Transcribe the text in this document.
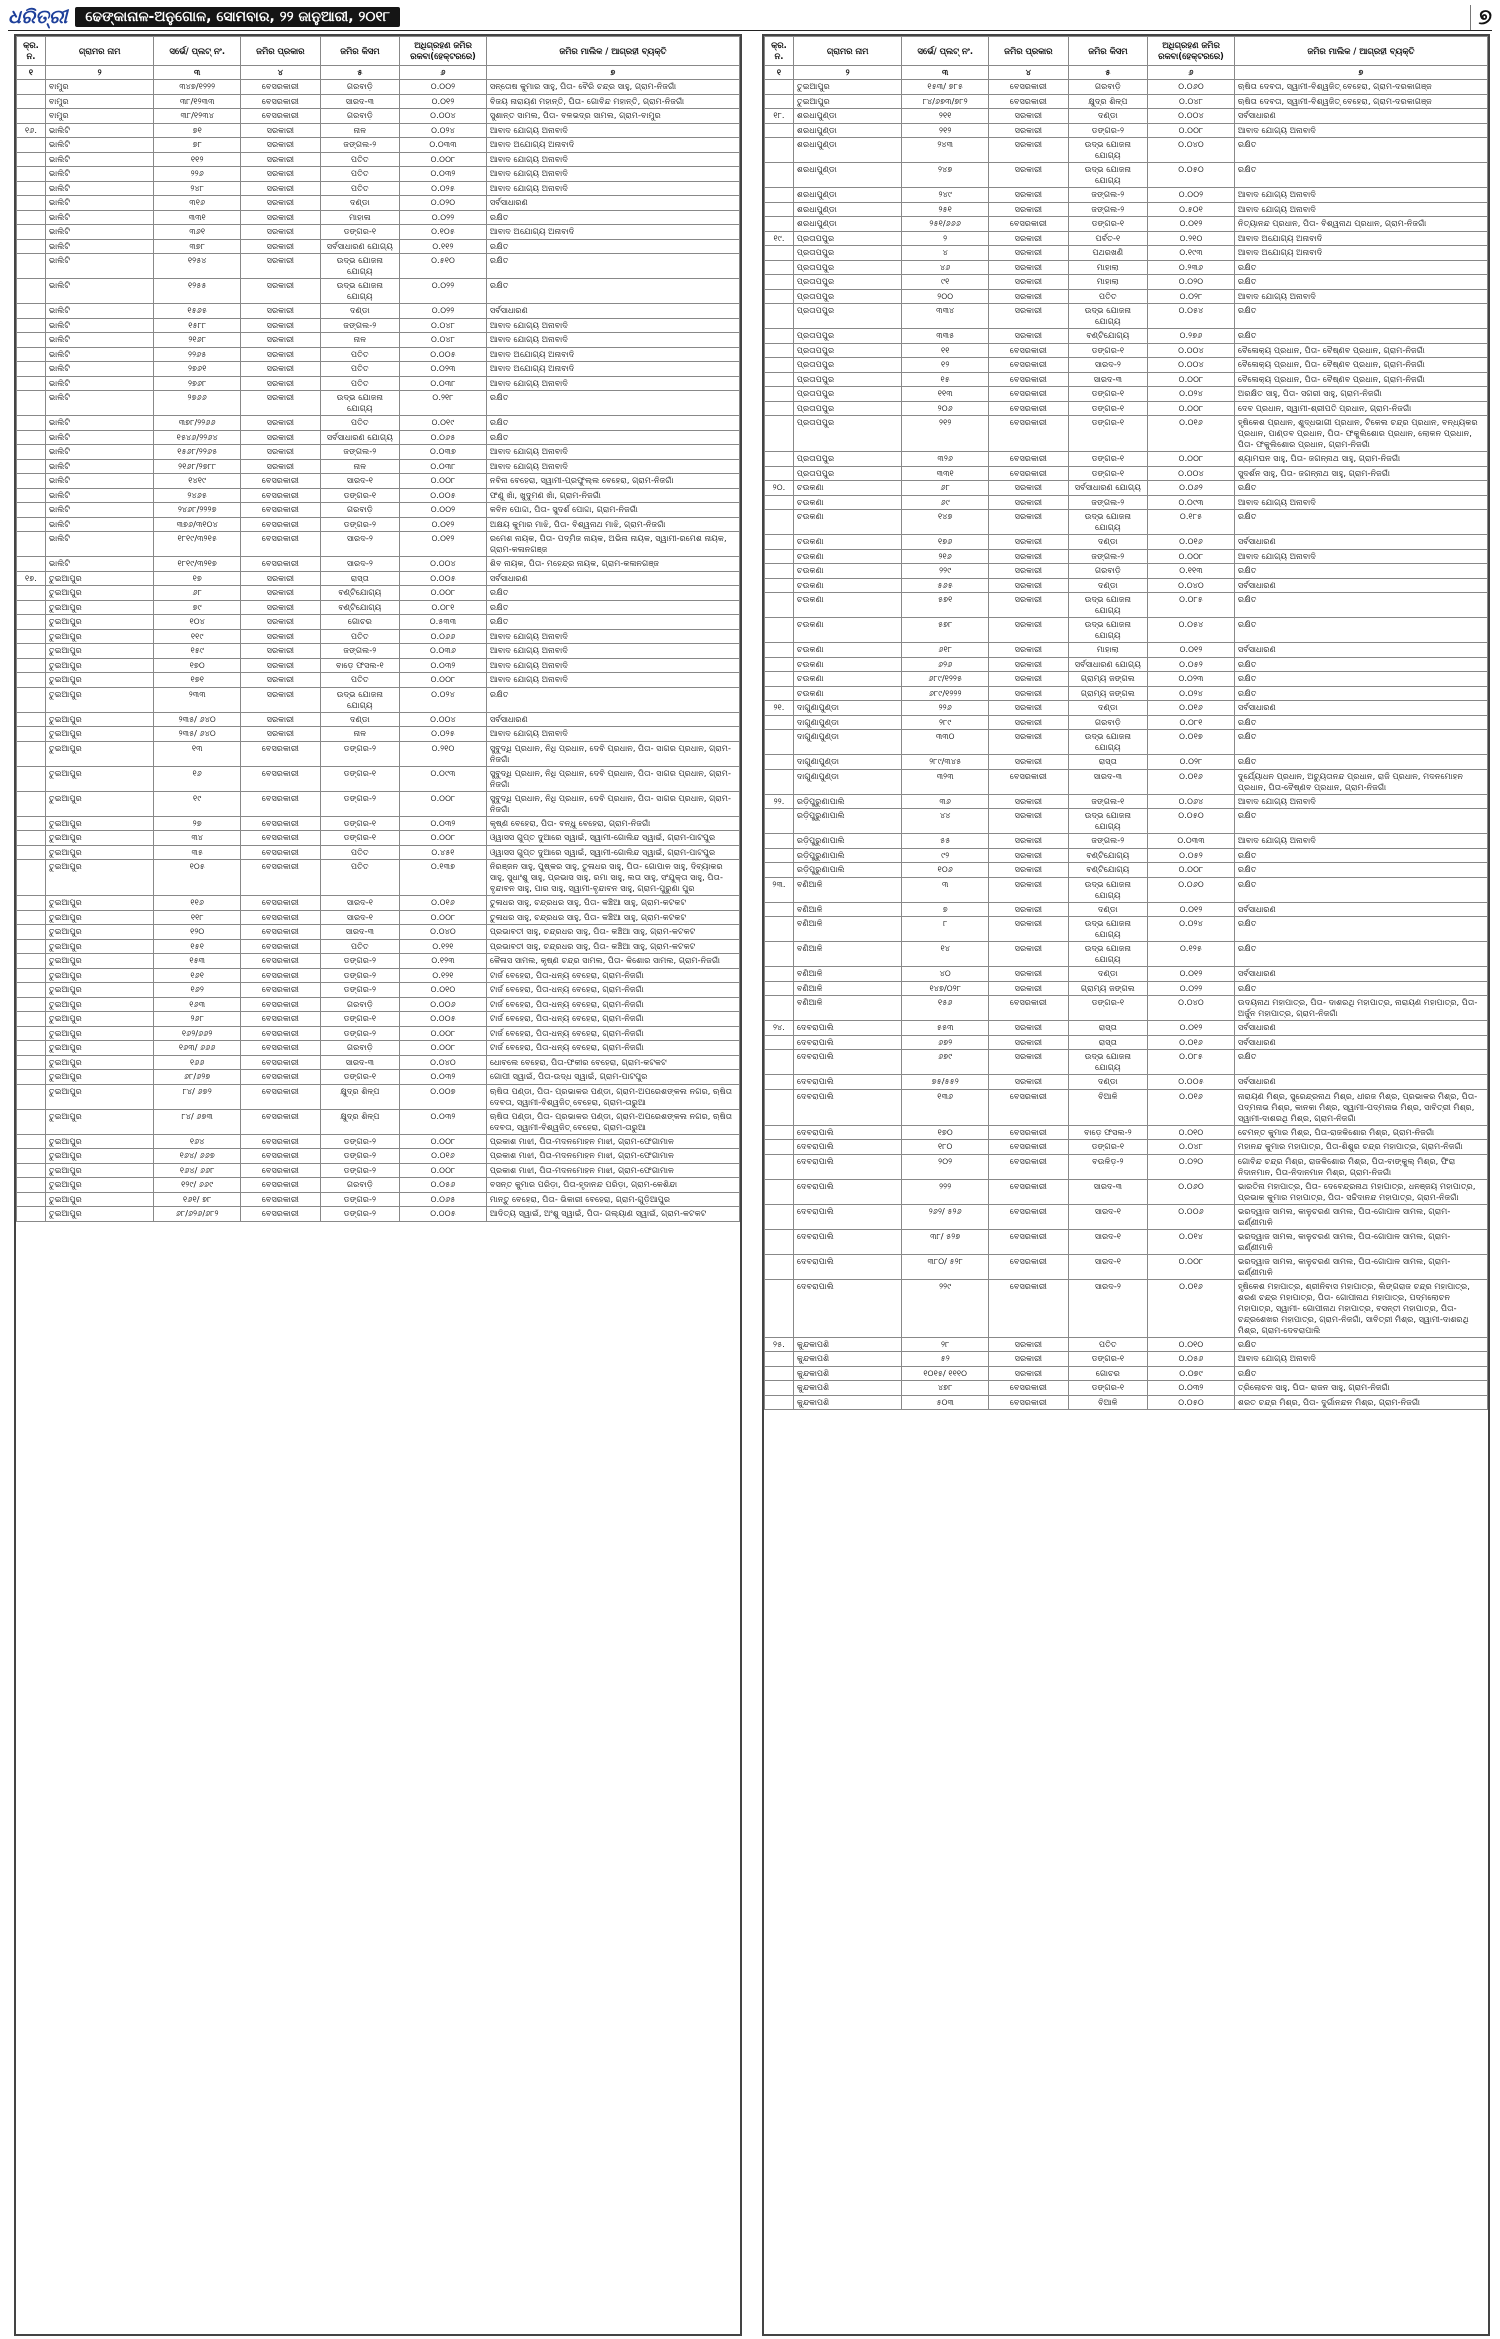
ଧରିତ୍ରୀ	ଢେଙ୍କାନାଳ-ଅନୁଗୋଳ, ସୋମବାର, ୨୨ ଜାନୁଆରୀ, ୨୦୧୮	୭
କ୍ର. ନ.	ଗ୍ରାମର ନାମ	ସର୍ଭେ/ ପ୍ଲଟ୍ ନଂ.	ଜମିର ପ୍ରକାର	ଜମିର କିସମ	ଅଧିଗ୍ରହଣ ଜମିର ରକବା(ହେକ୍ଟରରେ)	ଜମିର ମାଲିକ / ଆଗ୍ରହୀ ବ୍ୟକ୍ତି
୧	୨	୩	୪	୫	୬	୭
	ବାମୁର	୩୪୭/୧୨୨୨	ବେସରକାରୀ	ଗରବାଡ଼ି	୦.୦୦୨	ସନ୍ତୋଷ କୁମାର ସାହୁ, ପିତା- ବୈରି ଚନ୍ଦ୍ର ସାହୁ, ଗ୍ରାମ-ନିଜଗାଁ
	ବାମୁର	୩୮/୧୨୩୩	ବେସରକାରୀ	ସାରଦ-୩	୦.୦୧୨	ବିଜୟ ନାରାୟଣ ମହାନ୍ତି, ପିତା- ଗୋବିନ୍ଦ ମହାନ୍ତି, ଗ୍ରାମ-ନିଜଗାଁ
	ବାମୁର	୩୮/୧୨୩୪	ବେସରକାରୀ	ଗରବାଡ଼ି	୦.୦୦୪	ସୁଶାନ୍ତ ସାମଲ, ପିତା- ବଳଭଦ୍ର ସାମଲ, ଗ୍ରାମ-ବାମୁର
୧୬.	ଭାଲିଟି	୭୧	ସରକାରୀ	ନାଳ	୦.୦୨୪	ଆବାଦ ଯୋଗ୍ୟ ଅନାବାଦି
	ଭାଲିଟି	୭୮	ସରକାରୀ	ଜଙ୍ଗଲ-୨	୦.୦୩୩	ଆବାଦ ଅଯୋଗ୍ୟ ଅନାବାଦି
	ଭାଲିଟି	୧୧୨	ସରକାରୀ	ପତିତ	୦.୦୦୮	ଆବାଦ ଯୋଗ୍ୟ ଅନାବାଦି
	ଭାଲିଟି	୨୨୬	ସରକାରୀ	ପତିତ	୦.୦୩୨	ଆବାଦ ଯୋଗ୍ୟ ଅନାବାଦି
	ଭାଲିଟି	୨୪୮	ସରକାରୀ	ପତିତ	୦.୦୨୫	ଆବାଦ ଯୋଗ୍ୟ ଅନାବାଦି
	ଭାଲିଟି	୩୧୬	ସରକାରୀ	ଦଣ୍ଡା	୦.୦୨୦	ସର୍ବସାଧାରଣ
	ଭାଲିଟି	୩୩୧	ସରକାରୀ	ମାହାଳା	୦.୦୨୨	ରକ୍ଷିତ
	ଭାଲିଟି	୩୬୧	ସରକାରୀ	ଡଙ୍ଗର-୧	୦.୧୦୫	ଆବାଦ ଅଯୋଗ୍ୟ ଅନାବାଦି
	ଭାଲିଟି	୩୭୮	ସରକାରୀ	ସର୍ବସାଧାରଣ ଯୋଗ୍ୟ	୦.୧୧୨	ରକ୍ଷିତ
	ଭାଲିଟି	୧୨୫୪	ସରକାରୀ	ଉଦ୍ଭ ଯୋଜନା ଯୋଗ୍ୟ	୦.୫୧୦	ରକ୍ଷିତ
	ଭାଲିଟି	୧୨୫୫	ସରକାରୀ	ଉଦ୍ଭ ଯୋଜନା ଯୋଗ୍ୟ	୦.୦୨୨	ରକ୍ଷିତ
	ଭାଲିଟି	୧୫୬୫	ସରକାରୀ	ଦଣ୍ଡା	୦.୦୨୨	ସର୍ବସାଧାରଣ
	ଭାଲିଟି	୧୫୮୮	ସରକାରୀ	ଜଙ୍ଗଲ-୨	୦.୦୪୮	ଆବାଦ ଯୋଗ୍ୟ ଅନାବାଦି
	ଭାଲିଟି	୨୧୬୮	ସରକାରୀ	ନାଳ	୦.୦୪୮	ଆବାଦ ଯୋଗ୍ୟ ଅନାବାଦି
	ଭାଲିଟି	୨୨୬୫	ସରକାରୀ	ପତିତ	୦.୦୦୫	ଆବାଦ ଅଯୋଗ୍ୟ ଅନାବାଦି
	ଭାଲିଟି	୨୭୬୧	ସରକାରୀ	ପତିତ	୦.୦୨୩	ଆବାଦ ଅଯୋଗ୍ୟ ଅନାବାଦି
	ଭାଲିଟି	୨୭୬୮	ସରକାରୀ	ପତିତ	୦.୦୩୮	ଆବାଦ ଯୋଗ୍ୟ ଅନାବାଦି
	ଭାଲିଟି	୨୭୬୬	ସରକାରୀ	ଉଦ୍ଭ ଯୋଜନା ଯୋଗ୍ୟ	୦.୨୧୮	ରକ୍ଷିତ
	ଭାଲିଟି	୩୭୮/୨୨୬୬	ସରକାରୀ	ପତିତ	୦.୦୧୯	ରକ୍ଷିତ
	ଭାଲିଟି	୧୫୪୬/୨୨୬୪	ସରକାରୀ	ସର୍ବସାଧାରଣ ଯୋଗ୍ୟ	୦.୦୬୫	ରକ୍ଷିତ
	ଭାଲିଟି	୧୫୬୮/୨୨୬୫	ସରକାରୀ	ଜଙ୍ଗଲ-୨	୦.୦୩୭	ଆବାଦ ଯୋଗ୍ୟ ଅନାବାଦି
	ଭାଲିଟି	୨୧୬୮/୨୭୮୮	ସରକାରୀ	ନାଳ	୦.୦୩୮	ଆବାଦ ଯୋଗ୍ୟ ଅନାବାଦି
	ଭାଲିଟି	୧୪୧୯	ବେସରକାରୀ	ସାରଦ-୧	୦.୦୦୮	ନବିନା ବେହେରା, ସ୍ୱାମୀ-ପ୍ରଫୁଲ୍ଲ ବେହେରା, ଗ୍ରାମ-ନିଜଗାଁ
	ଭାଲିଟି	୨୪୬୫	ବେସରକାରୀ	ଡଙ୍ଗର-୧	୦.୦୦୫	ଫଣୁ ଖାଁ, ଖୁଦୁମଣ ଖାଁ, ଗ୍ରାମ-ନିଜଗାଁ
	ଭାଲିଟି	୨୪୬୮/୨୨୨୭	ବେସରକାରୀ	ଗରବାଡ଼ି	୦.୦୦୨	କବିନ ପୋଦ୍ଦା, ପିତା- ସୁଦର୍ଶ ପୋଦ୍ଦା, ଗ୍ରାମ-ନିଜଗାଁ
	ଭାଲିଟି	୩୭୬/୩୧୦୪	ବେସରକାରୀ	ଡଙ୍ଗର-୨	୦.୦୧୨	ଅକ୍ଷୟ କୁମାର ମାଝି, ପିତା- ବିଶ୍ୱନାଥ ମାଝି, ଗ୍ରାମ-ନିଜଗାଁ
	ଭାଲିଟି	୧୮୧୯/୩୨୧୫	ବେସରକାରୀ	ସାରଦ-୨	୦.୦୧୨	ରମେଶ ନାୟକ, ପିତା- ପଦ୍ମିଜ ନାୟକ, ଅଭିନା ନାୟକ, ସ୍ୱାମୀ-ରମେଶ ନାୟକ, ଗ୍ରାମ-କଳାନଗଞ୍ଜ
	ଭାଲିଟି	୧୮୧୯/୩୨୧୭	ବେସରକାରୀ	ସାରଦ-୨	୦.୦୦୪	ଶିବ ନାୟକ, ପିତା- ମହେନ୍ଦ୍ର ନାୟକ, ଗ୍ରାମ-କଳାନଗଞ୍ଜ
୧୭.	ତୁଇଆପୁର	୧୭	ସରକାରୀ	ରାସ୍ତା	୦.୦୦୫	ସର୍ବସାଧାରଣ
	ତୁଇଆପୁର	୬୮	ସରକାରୀ	ବଣ୍ଟିଯୋଗ୍ୟ	୦.୦୦୮	ରକ୍ଷିତ
	ତୁଇଆପୁର	୭୯	ସରକାରୀ	ବଣ୍ଟିଯୋଗ୍ୟ	୦.୦୮୧	ରକ୍ଷିତ
	ତୁଇଆପୁର	୧୦୪	ସରକାରୀ	ଗୋଚର	୦.୫୩୩	ରକ୍ଷିତ
	ତୁଇଆପୁର	୧୧୯	ସରକାରୀ	ପତିତ	୦.୦୬୬	ଆବାଦ ଯୋଗ୍ୟ ଅନାବାଦି
	ତୁଇଆପୁର	୧୫୯	ସରକାରୀ	ଜଙ୍ଗଲ-୨	୦.୦୩୬	ଆବାଦ ଯୋଗ୍ୟ ଅନାବାଦି
	ତୁଇଆପୁର	୧୭୦	ସରକାରୀ	ବାଡ଼େ ଫସଲ-୧	୦.୦୩୨	ଆବାଦ ଯୋଗ୍ୟ ଅନାବାଦି
	ତୁଇଆପୁର	୧୭୧	ସରକାରୀ	ପତିତ	୦.୦୦୮	ଆବାଦ ଯୋଗ୍ୟ ଅନାବାଦି
	ତୁଇଆପୁର	୨୩୩	ସରକାରୀ	ଉଦ୍ଭ ଯୋଜନା ଯୋଗ୍ୟ	୦.୦୨୪	ରକ୍ଷିତ
	ତୁଇଆପୁର	୨୩୫/ ୬୪୦	ସରକାରୀ	ଦଣ୍ଡା	୦.୦୦୪	ସର୍ବସାଧାରଣ
	ତୁଇଆପୁର	୨୩୫/ ୬୪୦	ସରକାରୀ	ନାଳ	୦.୦୨୫	ଆବାଦ ଯୋଗ୍ୟ ଅନାବାଦି
	ତୁଇଆପୁର	୧୩	ବେସରକାରୀ	ଡଙ୍ଗର-୨	୦.୨୧୦	ସୁବୁଦ୍ଧି ପ୍ରଧାନ, ନିଧି ପ୍ରଧାନ, ଦେବି ପ୍ରଧାନ, ପିତା- ସାଗର ପ୍ରଧାନ, ଗ୍ରାମ-ନିଜଗାଁ
	ତୁଇଆପୁର	୧୬	ବେସରକାରୀ	ଡଙ୍ଗର-୧	୦.୦୯୩	ସୁବୁଦ୍ଧି ପ୍ରଧାନ, ନିଧି ପ୍ରଧାନ, ଦେବି ପ୍ରଧାନ, ପିତା- ସାଗର ପ୍ରଧାନ, ଗ୍ରାମ-ନିଜଗାଁ
	ତୁଇଆପୁର	୧୯	ବେସରକାରୀ	ଡଙ୍ଗର-୨	୦.୦୦୮	ସୁବୁଦ୍ଧି ପ୍ରଧାନ, ନିଧି ପ୍ରଧାନ, ଦେବି ପ୍ରଧାନ, ପିତା- ସାଗର ପ୍ରଧାନ, ଗ୍ରାମ-ନିଜଗାଁ
	ତୁଇଆପୁର	୨୭	ବେସରକାରୀ	ଡଙ୍ଗର-୧	୦.୦୩୨	କୃଷ୍ଣ ବେହେରା, ପିତା- ବନ୍ଧୁ ବେହେରା, ଗ୍ରାମ-ନିଜଗାଁ
	ତୁଇଆପୁର	୩୪	ବେସରକାରୀ	ଡଙ୍ଗର-୧	୦.୦୦୮	ଓ୍ୱାସସ ଗୁପ୍ତ ଦୁଆରେ ସ୍ୱାଇଁ, ସ୍ୱାମୀ-ଗୋଲିନ୍ଦ ସ୍ୱାଇଁ, ଗ୍ରାମ-ପାଟପୁର
	ତୁଇଆପୁର	୩୫	ବେସରକାରୀ	ପତିତ	୦.୪୫୧	ଓ୍ୱାସସ ଗୁପ୍ତ ଦୁଆରେ ସ୍ୱାଇଁ, ସ୍ୱାମୀ-ଗୋଲିନ୍ଦ ସ୍ୱାଇଁ, ଗ୍ରାମ-ପାଟପୁର
	ତୁଇଆପୁର	୧୦୫	ବେସରକାରୀ	ପତିତ	୦.୧୩୭	ନିରଞ୍ଜନ ସାହୁ, ପୁଷ୍କର ସାହୁ, ତୁଳାଧର ସାହୁ, ପିତା- ଗୋପାଳ ସାହୁ, ଦିବ୍ୟାକର ସାହୁ, ସୁଧାଂଶୁ ସାହୁ, ପ୍ରଭାସ ସାହୁ, ରମା ସାହୁ, ଲତା ସାହୁ, ସଂଯୁକ୍ତା ସାହୁ, ପିତା- ବୃନ୍ଦାବନ ସାହୁ, ପାର ସାହୁ, ସ୍ୱାମୀ-ବୃନ୍ଦାବନ ସାହୁ, ଗ୍ରାମ-ପୁରୁଣା ପୁର
	ତୁଇଆପୁର	୧୧୬	ବେସରକାରୀ	ସାରଦ-୧	୦.୦୧୬	ତୁଳାଧର ସାହୁ, ଚନ୍ଦ୍ରଧର ସାହୁ, ପିତା- କଞ୍ଚିଆ ସାହୁ, ଗ୍ରାମ-କଟକଟ
	ତୁଇଆପୁର	୧୧୮	ବେସରକାରୀ	ସାରଦ-୧	୦.୦୦୮	ତୁଳାଧର ସାହୁ, ଚନ୍ଦ୍ରଧର ସାହୁ, ପିତା- କଞ୍ଚିଆ ସାହୁ, ଗ୍ରାମ-କଟକଟ
	ତୁଇଆପୁର	୧୨୦	ବେସରକାରୀ	ସାରଦ-୩	୦.୦୪୦	ପ୍ରଭାବତୀ ସାହୁ, ଚନ୍ଦ୍ରଧର ସାହୁ, ପିତା- କଞ୍ଚିଆ ସାହୁ, ଗ୍ରାମ-କଟକଟ
	ତୁଇଆପୁର	୧୫୧	ବେସରକାରୀ	ପତିତ	୦.୧୨୧	ପ୍ରଭାବତୀ ସାହୁ, ଚନ୍ଦ୍ରଧର ସାହୁ, ପିତା- କଞ୍ଚିଆ ସାହୁ, ଗ୍ରାମ-କଟକଟ
	ତୁଇଆପୁର	୧୫୩	ବେସରକାରୀ	ଡଙ୍ଗର-୨	୦.୧୨୩	କୈଳାସ ସାମଲ, କୃଷ୍ଣ ଚନ୍ଦ୍ର ସାମଲ, ପିତା- କିଶୋର ସାମଲ, ଗ୍ରାମ-ନିଜଗାଁ
	ତୁଇଆପୁର	୧୬୧	ବେସରକାରୀ	ଡଙ୍ଗର-୨	୦.୧୨୧	ଟାର୍ଜ ବେହେରା, ପିତା-ଧନ୍ୟ ବେହେରା, ଗ୍ରାମ-ନିଜଗାଁ
	ତୁଇଆପୁର	୧୬୨	ବେସରକାରୀ	ଡଙ୍ଗର-୨	୦.୦୧୦	ଟାର୍ଜ ବେହେରା, ପିତା-ଧନ୍ୟ ବେହେରା, ଗ୍ରାମ-ନିଜଗାଁ
	ତୁଇଆପୁର	୧୬୩	ବେସରକାରୀ	ଗରବାଡ଼ି	୦.୦୦୬	ଟାର୍ଜ ବେହେରା, ପିତା-ଧନ୍ୟ ବେହେରା, ଗ୍ରାମ-ନିଜଗାଁ
	ତୁଇଆପୁର	୨୬୮	ବେସରକାରୀ	ଡଙ୍ଗର-୧	୦.୦୦୫	ଟାର୍ଜ ବେହେରା, ପିତା-ଧନ୍ୟ ବେହେରା, ଗ୍ରାମ-ନିଜଗାଁ
	ତୁଇଆପୁର	୧୬୨/୬୬୨	ବେସରକାରୀ	ଡଙ୍ଗର-୨	୦.୦୦୮	ଟାର୍ଜ ବେହେରା, ପିତା-ଧନ୍ୟ ବେହେରା, ଗ୍ରାମ-ନିଜଗାଁ
	ତୁଇଆପୁର	୧୬୩/ ୬୬୬	ବେସରକାରୀ	ଗରବାଡ଼ି	୦.୦୦୮	ଟାର୍ଜ ବେହେରା, ପିତା-ଧନ୍ୟ ବେହେରା, ଗ୍ରାମ-ନିଜଗାଁ
	ତୁଇଆପୁର	୧୬୬	ବେସରକାରୀ	ସାରଦ-୩	୦.୦୪୦	ଧୋବଲେ ବେହେରା, ପିତା-ଫକୀର ବେହେରା, ଗ୍ରାମ-କଟକଟ
	ତୁଇଆପୁର	୬୮/୬୨୭	ବେସରକାରୀ	ଡଙ୍ଗର-୧	୦.୦୩୨	ଗୋପୀ ସ୍ୱାଇଁ, ପିତା-ଉଦ୍ଧ ସ୍ୱାଇଁ, ଗ୍ରାମ-ପାଟପୁର
	ତୁଇଆପୁର	୮୪/ ୬୭୨	ବେସରକାରୀ	କ୍ଷୁଦ୍ର ଶିଳ୍ପ	୦.୦୦୭	ଋଷିତା ପଣ୍ଡା, ପିତା- ପ୍ରଭାକର ପଣ୍ଡା, ଗ୍ରାମ-ଅପରେଶଙ୍କଲ ନଗର, ଋଷିତା ଦେବତା, ସ୍ୱାମୀ-ବିଶ୍ୱଜିତ୍ ବେହେରା, ଗ୍ରାମ-ତାରୁଆ
	ତୁଇଆପୁର	୮୪/ ୬୭୩	ବେସରକାରୀ	କ୍ଷୁଦ୍ର ଶିଳ୍ପ	୦.୦୩୨	ଋଷିତା ପଣ୍ଡା, ପିତା- ପ୍ରଭାକର ପଣ୍ଡା, ଗ୍ରାମ-ଅପରେଶଙ୍କଲ ନଗର, ଋଷିତା ଦେବତା, ସ୍ୱାମୀ-ବିଶ୍ୱଜିତ୍ ବେହେରା, ଗ୍ରାମ-ତାରୁଆ
	ତୁଇଆପୁର	୧୬୪	ବେସରକାରୀ	ଡଙ୍ଗର-୨	୦.୦୦୮	ପ୍ରକାଶ ମାଝୀ, ପିତା-ମଦନମୋହନ ମାଝୀ, ଗ୍ରାମ-ଫେଗାମାଳ
	ତୁଇଆପୁର	୧୬୪/ ୬୬୭	ବେସରକାରୀ	ଡଙ୍ଗର-୨	୦.୦୧୬	ପ୍ରକାଶ ମାଝୀ, ପିତା-ମଦନମୋହନ ମାଝୀ, ଗ୍ରାମ-ଫେଗାମାଳ
	ତୁଇଆପୁର	୧୬୪/ ୬୬୮	ବେସରକାରୀ	ଡଙ୍ଗର-୨	୦.୦୦୮	ପ୍ରକାଶ ମାଝୀ, ପିତା-ମଦନମୋହନ ମାଝୀ, ଗ୍ରାମ-ଫେଗାମାଳ
	ତୁଇଆପୁର	୧୨୯/ ୬୬୯	ବେସରକାରୀ	ଗରବାଡ଼ି	୦.୦୫୬	ବସନ୍ତ କୁମାର ପରିଡ଼ା, ପିତା-ହୃଦାନନ୍ଦ ପରିଡ଼ା, ଗ୍ରାମ-କେଶିନ୍ଦା
	ତୁଇଆପୁର	୧୬୧/ ୭୮	ବେସରକାରୀ	ଡଙ୍ଗର-୨	୦.୦୬୫	ମାନ୍ତୁ ବେହେରା, ପିତା- ଭିକାରୀ ବେହେରା, ଗ୍ରାମ-ଗୁଡ଼ିଆପୁର
	ତୁଇଆପୁର	୬୮/୬୨୬/୬୮୨	ବେସରକାରୀ	ଡଙ୍ଗର-୨	୦.୦୦୫	ଆଦିତ୍ୟ ସ୍ୱାଇଁ, ଅଂଶୁ ସ୍ୱାଇଁ, ପିତା- ଗଲ୍ୟାଣ ସ୍ୱାଇଁ, ଗ୍ରାମ-କଟକଟ
କ୍ର. ନ.	ଗ୍ରାମର ନାମ	ସର୍ଭେ/ ପ୍ଲଟ୍ ନଂ.	ଜମିର ପ୍ରକାର	ଜମିର କିସମ	ଅଧିଗ୍ରହଣ ଜମିର ରକବା(ହେକ୍ଟରରେ)	ଜମିର ମାଲିକ / ଆଗ୍ରହୀ ବ୍ୟକ୍ତି
୧	୨	୩	୪	୫	୬	୭
	ତୁଇଆପୁର	୧୫୩/ ୭୮୫	ବେସରକାରୀ	ଗରବାଡ଼ି	୦.୦୬୦	ଋଷିତା ଦେବତା, ସ୍ୱାମୀ-ବିଶ୍ୱଜିତ୍ ବେହେରା, ଗ୍ରାମ-ଦରକାଗଞ୍ଜ
	ତୁଇଆପୁର	୮୪/୬୭୩/୭୮୨	ବେସରକାରୀ	କ୍ଷୁଦ୍ର ଶିଳ୍ପ	୦.୦୪୮	ଋଷିତା ଦେବତା, ସ୍ୱାମୀ-ବିଶ୍ୱଜିତ୍ ବେହେରା, ଗ୍ରାମ-ଦରକାଗଞ୍ଜ
୧୮.	ଶରଧାପୁଣ୍ଡା	୨୧୧	ସରକାରୀ	ଦଣ୍ଡା	୦.୦୦୪	ସର୍ବସାଧାରଣ
	ଶରଧାପୁଣ୍ଡା	୨୧୨	ସରକାରୀ	ଡଙ୍ଗର-୨	୦.୦୦୮	ଆବାଦ ଯୋଗ୍ୟ ଅନାବାଦି
	ଶରଧାପୁଣ୍ଡା	୨୪୩	ସରକାରୀ	ଉଦ୍ଭ ଯୋଜନା ଯୋଗ୍ୟ	୦.୦୪୦	ରକ୍ଷିତ
	ଶରଧାପୁଣ୍ଡା	୨୪୭	ସରକାରୀ	ଉଦ୍ଭ ଯୋଜନା ଯୋଗ୍ୟ	୦.୦୫୦	ରକ୍ଷିତ
	ଶରଧାପୁଣ୍ଡା	୨୪୯	ସରକାରୀ	ଜଙ୍ଗଲ-୨	୦.୦୦୨	ଆବାଦ ଯୋଗ୍ୟ ଅନାବାଦି
	ଶରଧାପୁଣ୍ଡା	୨୫୧	ସରକାରୀ	ଜଙ୍ଗଲ-୨	୦.୫୦୧	ଆବାଦ ଯୋଗ୍ୟ ଅନାବାଦି
	ଶରଧାପୁଣ୍ଡା	୨୫୧/୬୬୬	ବେସରକାରୀ	ଡଙ୍ଗର-୧	୦.୦୧୨	ନିତ୍ୟାନନ୍ଦ ପ୍ରଧାନ, ପିତା- ବିଶ୍ୱନାଥ ପ୍ରଧାନ, ଗ୍ରାମ-ନିଜଗାଁ
୧୯.	ପ୍ରତାପପୁର	୨	ସରକାରୀ	ପର୍ବତ-୧	୦.୨୧୦	ଆବାଦ ଅଯୋଗ୍ୟ ଅନାବାଦି
	ପ୍ରତାପପୁର	୪	ସରକାରୀ	ପଥରଖଣି	୦.୧୯୩	ଆବାଦ ଅଯୋଗ୍ୟ ଅନାବାଦି
	ପ୍ରତାପପୁର	୪୬	ସରକାରୀ	ମାହାଲା	୦.୨୩୬	ରକ୍ଷିତ
	ପ୍ରତାପପୁର	୯୧	ସରକାରୀ	ମାହାଲା	୦.୦୨୦	ରକ୍ଷିତ
	ପ୍ରତାପପୁର	୨୦୦	ସରକାରୀ	ପତିତ	୦.୦୨୮	ଆବାଦ ଯୋଗ୍ୟ ଅନାବାଦି
	ପ୍ରତାପପୁର	୩୩୪	ସରକାରୀ	ଉଦ୍ଭ ଯୋଜନା ଯୋଗ୍ୟ	୦.୦୫୪	ରକ୍ଷିତ
	ପ୍ରତାପପୁର	୩୩୫	ସରକାରୀ	ବଣ୍ଟିଯୋଗ୍ୟ	୦.୨୭୬	ରକ୍ଷିତ
	ପ୍ରତାପପୁର	୧୧	ବେସରକାରୀ	ଡଙ୍ଗର-୧	୦.୦୦୪	ବୈଳୋକ୍ୟ ପ୍ରଧାନ, ପିତା- ବୈଷ୍ଣବ ପ୍ରଧାନ, ଗ୍ରାମ-ନିଜଗାଁ
	ପ୍ରତାପପୁର	୧୨	ବେସରକାରୀ	ସାରଦ-୨	୦.୦୦୪	ବୈଳୋକ୍ୟ ପ୍ରଧାନ, ପିତା- ବୈଷ୍ଣବ ପ୍ରଧାନ, ଗ୍ରାମ-ନିଜଗାଁ
	ପ୍ରତାପପୁର	୧୫	ବେସରକାରୀ	ସାରଦ-୩	୦.୦୦୮	ବୈଳୋକ୍ୟ ପ୍ରଧାନ, ପିତା- ବୈଷ୍ଣବ ପ୍ରଧାନ, ଗ୍ରାମ-ନିଜଗାଁ
	ପ୍ରତାପପୁର	୧୧୩	ବେସରକାରୀ	ଡଙ୍ଗର-୧	୦.୦୨୪	ଅରକ୍ଷିତ ସାହୁ, ପିତା- ସଗରୀ ସାହୁ, ଗ୍ରାମ-ନିଜଗାଁ
	ପ୍ରତାପପୁର	୨୦୬	ବେସରକାରୀ	ଡଙ୍ଗର-୧	୦.୦୦୮	ଦେବ ପ୍ରଧାନ, ସ୍ୱାମୀ-ଶ୍ରୀପତି ପ୍ରଧାନ, ଗ୍ରାମ-ନିଜଗାଁ
	ପ୍ରତାପପୁର	୨୧୨	ବେସରକାରୀ	ଡଙ୍ଗର-୧	୦.୦୧୬	ହୃଷିକେଶ ପ୍ରଧାନ, ଶୁଦ୍ଧଭାଗୀ ପ୍ରଧାନ, ଟିକେଲ ଚନ୍ଦ୍ର ପ୍ରଧାନ, ବନ୍ଧ୍ୟକର ପ୍ରଧାନ, ପାଣ୍ଡବ ପ୍ରଧାନ, ପିତା- ଫକୁଲିଶୋର ପ୍ରଧାନ, ଲୋକନ ପ୍ରଧାନ, ପିତା- ଫକୁଲିଶୋର ପ୍ରଧାନ, ଗ୍ରାମ-ନିଜଗାଁ
	ପ୍ରତାପପୁର	୩୨୬	ବେସରକାରୀ	ଡଙ୍ଗର-୧	୦.୦୦୮	ଶ୍ୟାମଘନ ସାହୁ, ପିତା- ଜଗନ୍ନାଥ ସାହୁ, ଗ୍ରାମ-ନିଜଗାଁ
	ପ୍ରତାପପୁର	୩୩୧	ବେସରକାରୀ	ଡଙ୍ଗର-୧	୦.୦୦୪	ସୁଦର୍ଶନ ସାହୁ, ପିତା- ଜଗନ୍ନାଥ ସାହୁ, ଗ୍ରାମ-ନିଜଗାଁ
୨୦.	ଚଉକଣା	୬୮	ସରକାରୀ	ସର୍ବସାଧାରଣ ଯୋଗ୍ୟ	୦.୦୬୨	ରକ୍ଷିତ
	ଚଉକଣା	୬୯	ସରକାରୀ	ଜଙ୍ଗଲ-୨	୦.୦୯୩	ଆବାଦ ଯୋଗ୍ୟ ଅନାବାଦି
	ଚଉକଣା	୧୪୭	ସରକାରୀ	ଉଦ୍ଭ ଯୋଜନା ଯୋଗ୍ୟ	୦.୧୮୫	ରକ୍ଷିତ
	ଚଉକଣା	୧୭୬	ସରକାରୀ	ଦଣ୍ଡା	୦.୦୧୬	ସର୍ବସାଧାରଣ
	ଚଉକଣା	୨୧୬	ସରକାରୀ	ଜଙ୍ଗଲ-୨	୦.୦୦୮	ଆବାଦ ଯୋଗ୍ୟ ଅନାବାଦି
	ଚଉକଣା	୨୨୯	ସରକାରୀ	ଗରବାଡ଼ି	୦.୧୧୩	ରକ୍ଷିତ
	ଚଉକଣା	୫୬୫	ସରକାରୀ	ଦଣ୍ଡା	୦.୦୪୦	ସର୍ବସାଧାରଣ
	ଚଉକଣା	୫୭୧	ସରକାରୀ	ଉଦ୍ଭ ଯୋଜନା ଯୋଗ୍ୟ	୦.୦୮୫	ରକ୍ଷିତ
	ଚଉକଣା	୫୭୮	ସରକାରୀ	ଉଦ୍ଭ ଯୋଜନା ଯୋଗ୍ୟ	୦.୦୫୪	ରକ୍ଷିତ
	ଚଉକଣା	୬୧୮	ସରକାରୀ	ମାହାଲା	୦.୦୧୨	ସର୍ବସାଧାରଣ
	ଚଉକଣା	୬୨୬	ସରକାରୀ	ସର୍ବସାଧାରଣ ଯୋଗ୍ୟ	୦.୦୫୨	ରକ୍ଷିତ
	ଚଉକଣା	୬୮୯/୧୨୨୫	ସରକାରୀ	ଗ୍ରାମ୍ୟ ଜଙ୍ଗଲ	୦.୦୨୩	ରକ୍ଷିତ
	ଚଉକଣା	୬୮୯/୧୨୨୨	ସରକାରୀ	ଗ୍ରାମ୍ୟ ଜଙ୍ଗଲ	୦.୦୨୪	ରକ୍ଷିତ
୨୧.	ଦାଗୁଣାପୁଣ୍ଡା	୨୨୬	ସରକାରୀ	ଦଣ୍ଡା	୦.୦୧୬	ସର୍ବସାଧାରଣ
	ଦାଗୁଣାପୁଣ୍ଡା	୨୮୯	ସରକାରୀ	ଗରବାଡ଼ି	୦.୦୮୧	ରକ୍ଷିତ
	ଦାଗୁଣାପୁଣ୍ଡା	୩୩୦	ସରକାରୀ	ଉଦ୍ଭ ଯୋଜନା ଯୋଗ୍ୟ	୦.୦୧୭	ରକ୍ଷିତ
	ଦାଗୁଣାପୁଣ୍ଡା	୨୮୯/୩୪୫	ସରକାରୀ	ରାସ୍ତା	୦.୦୨୮	ରକ୍ଷିତ
	ଦାଗୁଣାପୁଣ୍ଡା	୩୨୩	ବେସରକାରୀ	ସାରଦ-୩	୦.୦୧୬	ଦୁର୍ଯ୍ୟୋଧନ ପ୍ରଧାନ, ଅଚ୍ୟୁତାନନ୍ଦ ପ୍ରଧାନ, ରାଜି ପ୍ରଧାନ, ମଦନମୋହନ ପ୍ରଧାନ, ପିତା-ବୈଷ୍ଣବ ପ୍ରଧାନ, ଗ୍ରାମ-ନିଜଗାଁ
୨୨.	ରଡ଼ିପୁରୁଣାପାଲି	୩୬	ସରକାରୀ	ଜଙ୍ଗଲ-୧	୦.୦୬୪	ଆବାଦ ଯୋଗ୍ୟ ଅନାବାଦି
	ରଡ଼ିପୁରୁଣାପାଲି	୪୪	ସରକାରୀ	ଉଦ୍ଭ ଯୋଜନା ଯୋଗ୍ୟ	୦.୦୫୦	ରକ୍ଷିତ
	ରଡ଼ିପୁରୁଣାପାଲି	୫୫	ସରକାରୀ	ଜଙ୍ଗଲ-୨	୦.୦୩୩	ଆବାଦ ଯୋଗ୍ୟ ଅନାବାଦି
	ରଡ଼ିପୁରୁଣାପାଲି	୯୨	ସରକାରୀ	ବଣ୍ଟିଯୋଗ୍ୟ	୦.୦୫୨	ରକ୍ଷିତ
	ରଡ଼ିପୁରୁଣାପାଲି	୧୦୬	ସରକାରୀ	ବଣ୍ଟିଯୋଗ୍ୟ	୦.୦୦୮	ରକ୍ଷିତ
୨୩.	ବଣିଆଳି	୩	ସରକାରୀ	ଉଦ୍ଭ ଯୋଜନା ଯୋଗ୍ୟ	୦.୦୬୦	ରକ୍ଷିତ
	ବଣିଆଳି	୭	ସରକାରୀ	ଦଣ୍ଡା	୦.୦୧୨	ସର୍ବସାଧାରଣ
	ବଣିଆଳି	୮	ସରକାରୀ	ଉଦ୍ଭ ଯୋଜନା ଯୋଗ୍ୟ	୦.୦୨୪	ରକ୍ଷିତ
	ବଣିଆଳି	୧୪	ସରକାରୀ	ଉଦ୍ଭ ଯୋଜନା ଯୋଗ୍ୟ	୦.୧୨୫	ରକ୍ଷିତ
	ବଣିଆଳି	୪୦	ସରକାରୀ	ଦଣ୍ଡା	୦.୦୧୨	ସର୍ବସାଧାରଣ
	ବଣିଆଳି	୧୪୭/୦୨୮	ସରକାରୀ	ଗ୍ରାମ୍ୟ ଜଙ୍ଗଲ	୦.୦୨୨	ରକ୍ଷିତ
	ବଣିଆଳି	୧୫୬	ବେସରକାରୀ	ଡଙ୍ଗର-୧	୦.୦୪୦	ଉଦୟନାଥ ମହାପାତ୍ର, ପିତା- ଦାଶରଥି ମହାପାତ୍ର, ନାରାୟଣ ମହାପାତ୍ର, ପିତା-ଅର୍ଜୁନ ମହାପାତ୍ର, ଗ୍ରାମ-ନିଜଗାଁ
୨୪.	ଦେବରାପାଲି	୫୫୩	ସରକାରୀ	ରାସ୍ତା	୦.୦୧୨	ସର୍ବସାଧାରଣ
	ଦେବରାପାଲି	୬୭୨	ସରକାରୀ	ରାସ୍ତା	୦.୦୧୬	ସର୍ବସାଧାରଣ
	ଦେବରାପାଲି	୬୭୯	ସରକାରୀ	ଉଦ୍ଭ ଯୋଜନା ଯୋଗ୍ୟ	୦.୦୮୫	ରକ୍ଷିତ
	ଦେବରାପାଲି	୭୫/୫୫୨	ସରକାରୀ	ଦଣ୍ଡା	୦.୦୦୫	ସର୍ବସାଧାରଣ
	ଦେବରାପାଲି	୧୩୬	ବେସରକାରୀ	ବିଆଳି	୦.୦୧୬	ନାରାୟଣ ମିଶ୍ର, ସୁରେନ୍ଦ୍ରନାଥ ମିଶ୍ର, ଧୀରଜ ମିଶ୍ର, ପ୍ରଭାକର ମିଶ୍ର, ପିତା-ପଦ୍ମନାଭ ମିଶ୍ର, କାନକା ମିଶ୍ର, ସ୍ୱାମୀ-ପଦ୍ମନାଭ ମିଶ୍ର, ସାବିତ୍ରୀ ମିଶ୍ର, ସ୍ୱାମୀ-ଦାଶରଥି ମିଶ୍ର, ଗ୍ରାମ-ନିଜଗାଁ
	ଦେବରାପାଲି	୧୭୦	ବେସରକାରୀ	ବାଡ଼େ ଫସଲ-୨	୦.୦୧୦	ଚେମନ୍ତ କୁମାର ମିଶ୍ର, ପିତା-ରାଜକିଶୋର ମିଶ୍ର, ଗ୍ରାମ-ନିଜଗାଁ
	ଦେବରାପାଲି	୧୮୦	ବେସରକାରୀ	ଡଙ୍ଗର-୧	୦.୦୪୮	ମହାନନ୍ଦ କୁମାର ମହାପାତ୍ର, ପିତା-ଶିଶୁର ଚନ୍ଦ୍ର ମହାପାତ୍ର, ଗ୍ରାମ-ନିଜଗାଁ
	ଦେବରାପାଲି	୨୦୨	ବେସରକାରୀ	ବଉଳିଡ଼-୨	୦.୦୨୦	ଗୋବିନ୍ଦ ଚନ୍ଦ୍ର ମିଶ୍ର, ରାଜକିଶୋର ମିଶ୍ର, ପିତା-ବାଙ୍କୁଲ୍ ମିଶ୍ର, ଫିରା ନିଦାନମାନ, ପିତା-ନିଦାନମାନ ମିଶ୍ର, ଗ୍ରାମ-ନିଜଗାଁ
	ଦେବରାପାଲି	୨୨୨	ବେସରକାରୀ	ସାରଦ-୩	୦.୦୬୦	ଭାରତିନା ମହାପାତ୍ର, ପିତା- ଦେବେନ୍ଦ୍ରନାଥ ମହାପାତ୍ର, ଧନଞ୍ଜୟ ମହାପାତ୍ର, ପ୍ରଭାକ କୁମାର ମହାପାତ୍ର, ପିତା- ସଚ୍ଚିଦାନନ୍ଦ ମହାପାତ୍ର, ଗ୍ରାମ-ନିଜଗାଁ
	ଦେବରାପାଲି	୨୬୨/ ୫୨୬	ବେସରକାରୀ	ସାରଦ-୧	୦.୦୦୬	ଭରଦ୍ୱାଜ ସାମଲ, କାଳୁଚରଣ ସାମଲ, ପିତା-ଗୋପାଳ ସାମଲ, ଗ୍ରାମ-ଇର୍ଣ୍ଣୀମାଳି
	ଦେବରାପାଲି	୩୮/ ୫୨୭	ବେସରକାରୀ	ସାରଦ-୧	୦.୦୧୪	ଭରଦ୍ୱାଜ ସାମଲ, କାଳୁଚରଣ ସାମଲ, ପିତା-ଗୋପାଳ ସାମଲ, ଗ୍ରାମ-ଇର୍ଣ୍ଣୀମାଳି
	ଦେବରାପାଲି	୩୮୦/ ୫୨୮	ବେସରକାରୀ	ସାରଦ-୧	୦.୦୦୮	ଭରଦ୍ୱାଜ ସାମଲ, କାଳୁଚରଣ ସାମଲ, ପିତା-ଗୋପାଳ ସାମଲ, ଗ୍ରାମ-ଇର୍ଣ୍ଣୀମାଳି
	ଦେବରାପାଲି	୨୨୯	ବେସରକାରୀ	ସାରଦ-୨	୦.୦୧୬	ହୃଷିକେଶ ମହାପାତ୍ର, ଶ୍ରୀନିବାସ ମହାପାତ୍ର, ଲିଙ୍ଗରାଜ ଚନ୍ଦ୍ର ମହାପାତ୍ର, ଶରଣ ଚନ୍ଦ୍ର ମହାପାତ୍ର, ପିତା- ଗୋପୀନାଥ ମହାପାତ୍ର, ପଦ୍ମଲୋଚନ ମହାପାତ୍ର, ସ୍ୱାମୀ- ଗୋପୀନାଥ ମହାପାତ୍ର, ବସନ୍ତୀ ମହାପାତ୍ର, ପିତା-ଚନ୍ଦ୍ରଶେଖର ମହାପାତ୍ର, ଗ୍ରାମ-ନିଜଗାଁ, ସାବିତ୍ରୀ ମିଶ୍ର, ସ୍ୱାମୀ-ଦାଶରଥି ମିଶ୍ର, ଗ୍ରାମ-ଦେବରାପାଲି
୨୫.	କୁନ୍ଦକାପଶି	୨୮	ସରକାରୀ	ପତିତ	୦.୦୧୦	ରକ୍ଷିତ
	କୁନ୍ଦକାପଶି	୫୨	ସରକାରୀ	ଡଙ୍ଗର-୧	୦.୦୫୬	ଆବାଦ ଯୋଗ୍ୟ ଅନାବାଦି
	କୁନ୍ଦକାପଶି	୧୦୧୫/ ୧୧୧୦	ସରକାରୀ	ଗୋଚର	୦.୦୭୯	ରକ୍ଷିତ
	କୁନ୍ଦକାପଶି	୪୭୮	ବେସରକାରୀ	ଡଙ୍ଗର-୧	୦.୦୩୨	ତ୍ରିଲୋଚନ ସାହୁ, ପିତା- ରାଜନ ସାହୁ, ଗ୍ରାମ-ନିଜଗାଁ
	କୁନ୍ଦକାପଶି	୫୦୩	ବେସରକାରୀ	ବିଆଳି	୦.୦୫୦	ଶରତ ଚନ୍ଦ୍ର ମିଶ୍ର, ପିତା- ଦୁର୍ଗାନନ୍ଦନ ମିଶ୍ର, ଗ୍ରାମ-ନିଜଗାଁ
